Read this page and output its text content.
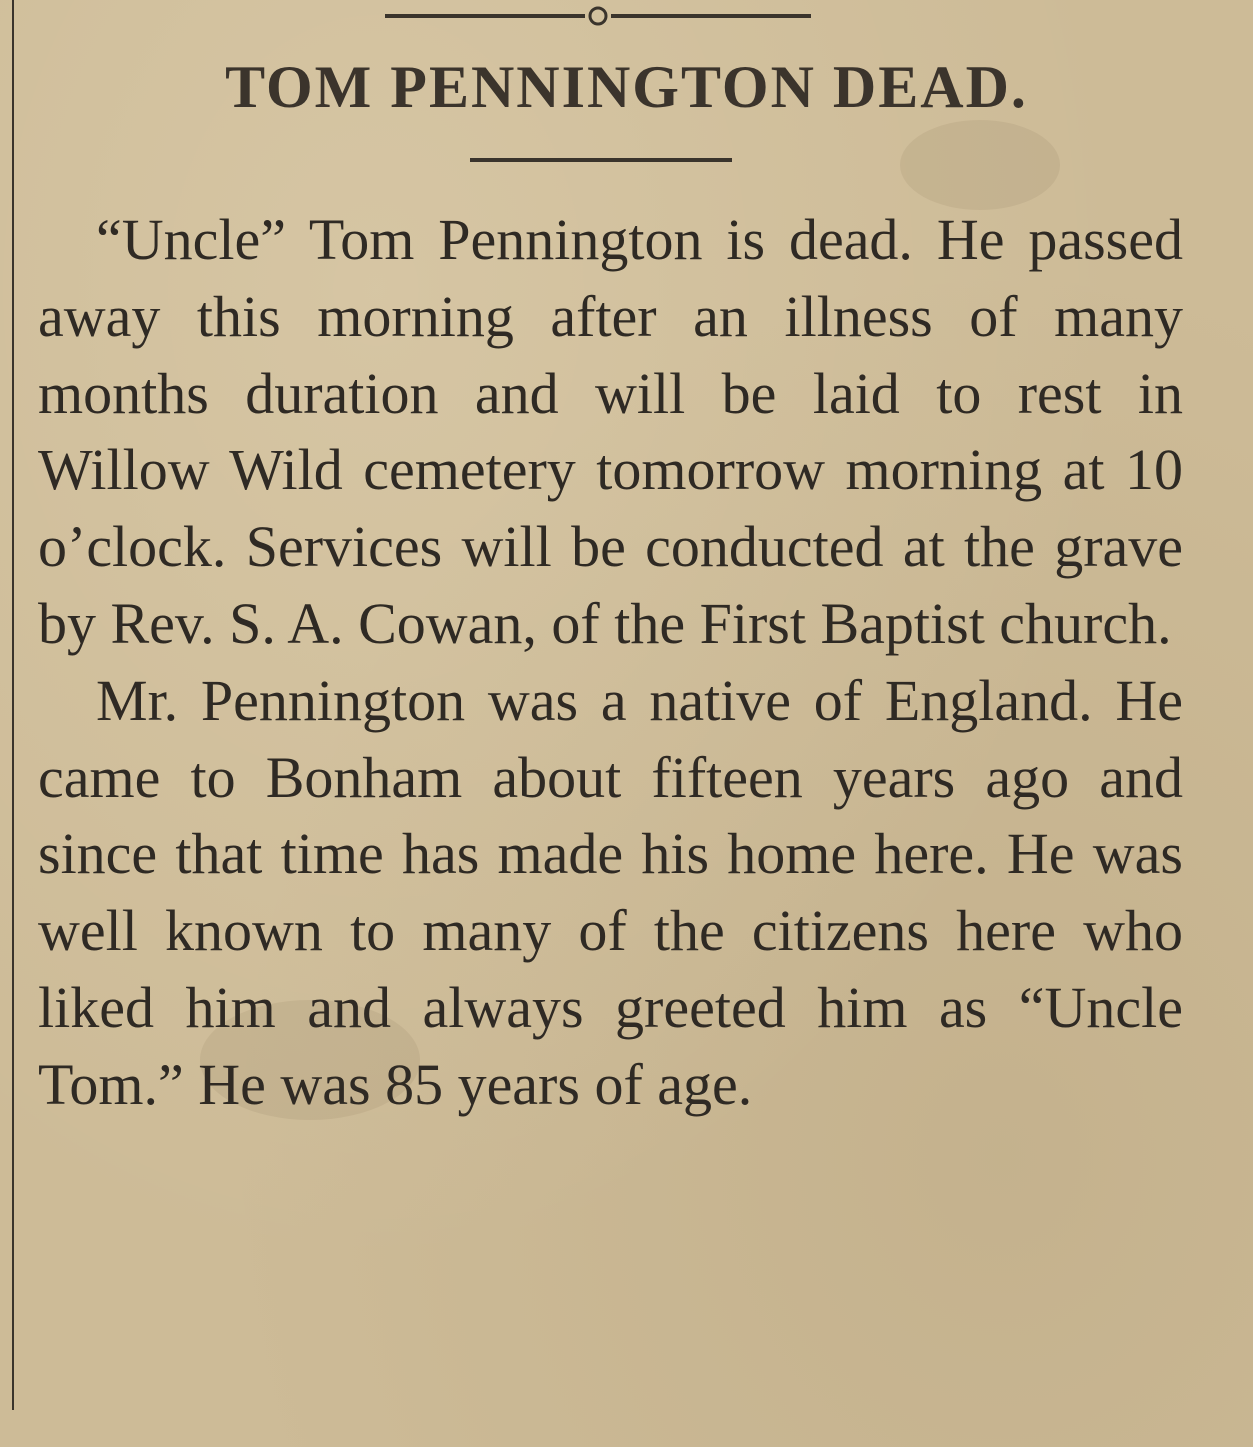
TOM PENNINGTON DEAD.

“Uncle” Tom Pennington is dead. He passed away this morning after an illness of many months duration and will be laid to rest in Willow Wild cemetery tomorrow morning at 10 o’clock. Services will be conducted at the grave by Rev. S. A. Cowan, of the First Baptist church.

Mr. Pennington was a native of England. He came to Bonham about fifteen years ago and since that time has made his home here. He was well known to many of the citizens here who liked him and always greeted him as “Uncle Tom.” He was 85 years of age.
